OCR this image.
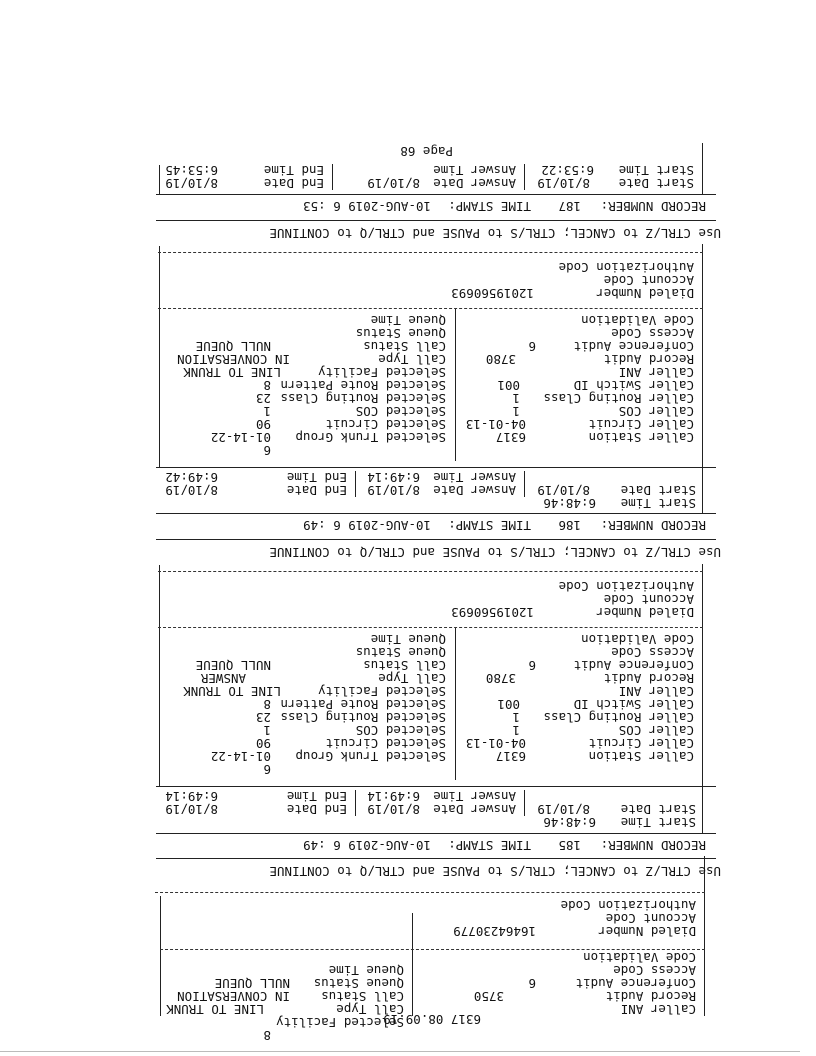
6317 08.09.19
Caller ANI
Record Audit
Conference Audit
Access Code
Code Validation
3750
6
Selected Facility
Call Type
Call Status
Queue Status
Queue Time
8
LINE TO TRUNK
IN CONVERSATION
NULL QUEUE
Dialed Number
16464230779
Account Code
Authorization Code
Use CTRL/Z to CANCEL; CTRL/S to PAUSE and CTRL/Q to CONTINUE
RECORD NUMBER:
185
TIME STAMP:
10-AUG-2019 6 :49
Start Time
6:48:46
Start Date
8/10/19
Answer Date
Answer Time
8/10/19
6:49:14
End Date
End Time
8/10/19
6:49:14
Caller Station
Caller Circuit
Caller COS
Caller Routing Class
Caller Switch ID
Caller ANI
Record Audit
Conference Audit
Access Code
Code Validation
6317
04-01-13
1
1
001
3780
6
Selected Trunk Group
Selected Circuit
Selected COS
Selected Routing Class
Selected Route Pattern
Selected Facility
Call Type
Call Status
Queue Status
Queue Time
6
01-14-22
90
1
23
8
LINE TO TRUNK
ANSWER
NULL QUEUE
Dialed Number
12019560693
Account Code
Authorization Code
Use CTRL/Z to CANCEL; CTRL/S to PAUSE and CTRL/Q to CONTINUE
RECORD NUMBER:
186
TIME STAMP:
10-AUG-2019 6 :49
Start Time
6:48:46
Start Date
8/10/19
Answer Date
Answer Time
8/10/19
6:49:14
End Date
End Time
8/10/19
6:49:42
Caller Station
Caller Circuit
Caller COS
Caller Routing Class
Caller Switch ID
Caller ANI
Record Audit
Conference Audit
Access Code
Code Validation
6317
04-01-13
1
1
001
3780
6
Selected Trunk Group
Selected Circuit
Selected COS
Selected Routing Class
Selected Route Pattern
Selected Facility
Call Type
Call Status
Queue Status
Queue Time
6
01-14-22
90
1
23
8
LINE TO TRUNK
IN CONVERSATION
NULL QUEUE
Dialed Number
12019560693
Account Code
Authorization Code
Use CTRL/Z to CANCEL; CTRL/S to PAUSE and CTRL/Q to CONTINUE
RECORD NUMBER:
187
TIME STAMP:
10-AUG-2019 6 :53
Start Date
8/10/19
Start Time
6:53:22
Answer Date
Answer Time
8/10/19
End Date
End Time
8/10/19
6:53:45
Page 68
